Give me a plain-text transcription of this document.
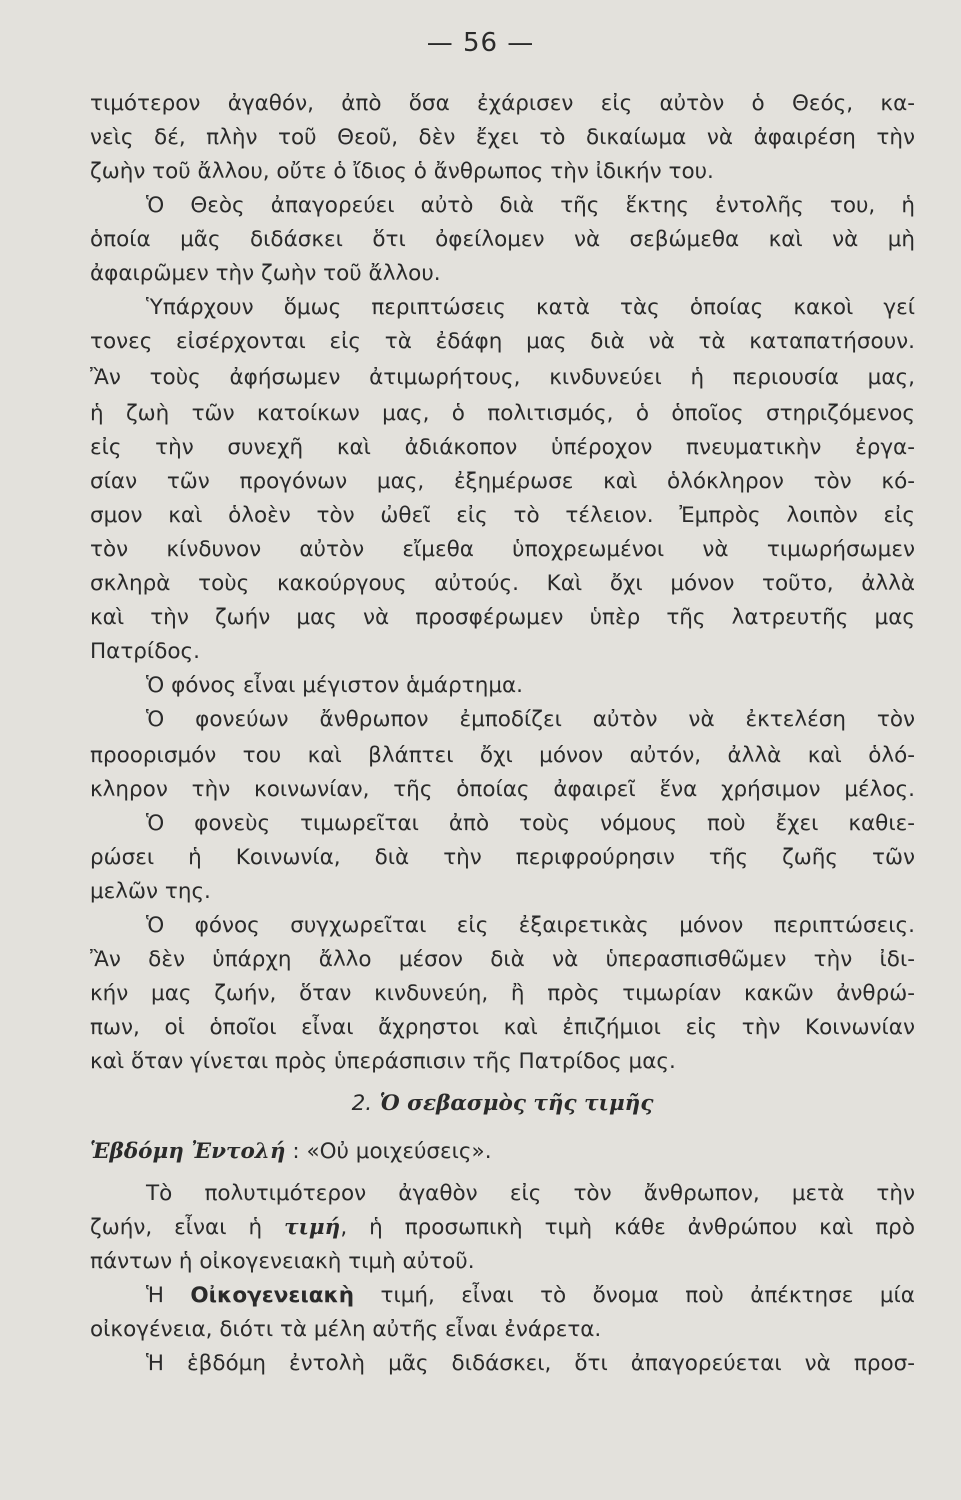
— 56 —
τιμότερον ἀγαθόν, ἀπὸ ὅσα ἐχάρισεν εἰς αὐτὸν ὁ Θεός, κα-
νεὶς δέ, πλὴν τοῦ Θεοῦ, δὲν ἔχει τὸ δικαίωμα νὰ ἀφαιρέση τὴν
ζωὴν τοῦ ἄλλου, οὔτε ὁ ἴδιος ὁ ἄνθρωπος τὴν ἰδικήν του.
Ὁ Θεὸς ἀπαγορεύει αὐτὸ διὰ τῆς ἕκτης ἐντολῆς του, ἡ
ὁποία μᾶς διδάσκει ὅτι ὀφείλομεν νὰ σεβώμεθα καὶ νὰ μὴ
ἀφαιρῶμεν τὴν ζωὴν τοῦ ἄλλου.
Ὑπάρχουν ὅμως περιπτώσεις κατὰ τὰς ὁποίας κακοὶ γεί
τονες εἰσέρχονται εἰς τὰ ἐδάφη μας διὰ νὰ τὰ καταπατήσουν.
Ἂν τοὺς ἀφήσωμεν ἀτιμωρήτους, κινδυνεύει ἡ περιουσία μας,
ἡ ζωὴ τῶν κατοίκων μας, ὁ πολιτισμός, ὁ ὁποῖος στηριζόμενος
εἰς τὴν συνεχῆ καὶ ἀδιάκοπον ὑπέροχον πνευματικὴν ἐργα-
σίαν τῶν προγόνων μας, ἐξημέρωσε καὶ ὁλόκληρον τὸν κό-
σμον καὶ ὁλοὲν τὸν ὠθεῖ εἰς τὸ τέλειον. Ἐμπρὸς λοιπὸν εἰς
τὸν κίνδυνον αὐτὸν εἴμεθα ὑποχρεωμένοι νὰ τιμωρήσωμεν
σκληρὰ τοὺς κακούργους αὐτούς. Καὶ ὄχι μόνον τοῦτο, ἀλλὰ
καὶ τὴν ζωήν μας νὰ προσφέρωμεν ὑπὲρ τῆς λατρευτῆς μας
Πατρίδος.
Ὁ φόνος εἶναι μέγιστον ἁμάρτημα.
Ὁ φονεύων ἄνθρωπον ἐμποδίζει αὐτὸν νὰ ἐκτελέση τὸν
προορισμόν του καὶ βλάπτει ὄχι μόνον αὐτόν, ἀλλὰ καὶ ὁλό-
κληρον τὴν κοινωνίαν, τῆς ὁποίας ἀφαιρεῖ ἕνα χρήσιμον μέλος.
Ὁ φονεὺς τιμωρεῖται ἀπὸ τοὺς νόμους ποὺ ἔχει καθιε-
ρώσει ἡ Κοινωνία, διὰ τὴν περιφρούρησιν τῆς ζωῆς τῶν
μελῶν της.
Ὁ φόνος συγχωρεῖται εἰς ἐξαιρετικὰς μόνον περιπτώσεις.
Ἂν δὲν ὑπάρχη ἄλλο μέσον διὰ νὰ ὑπερασπισθῶμεν τὴν ἰδι-
κήν μας ζωήν, ὅταν κινδυνεύη, ἢ πρὸς τιμωρίαν κακῶν ἀνθρώ-
πων, οἱ ὁποῖοι εἶναι ἄχρηστοι καὶ ἐπιζήμιοι εἰς τὴν Κοινωνίαν
καὶ ὅταν γίνεται πρὸς ὑπεράσπισιν τῆς Πατρίδος μας.
2. Ὁ σεβασμὸς τῆς τιμῆς
Ἑβδόμη Ἐντολή : «Οὐ μοιχεύσεις».
Τὸ πολυτιμότερον ἀγαθὸν εἰς τὸν ἄνθρωπον, μετὰ τὴν
ζωήν, εἶναι ἡ τιμή, ἡ προσωπικὴ τιμὴ κάθε ἀνθρώπου καὶ πρὸ
πάντων ἡ οἰκογενειακὴ τιμὴ αὐτοῦ.
Ἡ Οἰκογενειακὴ τιμή, εἶναι τὸ ὄνομα ποὺ ἀπέκτησε μία
οἰκογένεια, διότι τὰ μέλη αὐτῆς εἶναι ἐνάρετα.
Ἡ ἑβδόμη ἐντολὴ μᾶς διδάσκει, ὅτι ἀπαγορεύεται νὰ προσ-
